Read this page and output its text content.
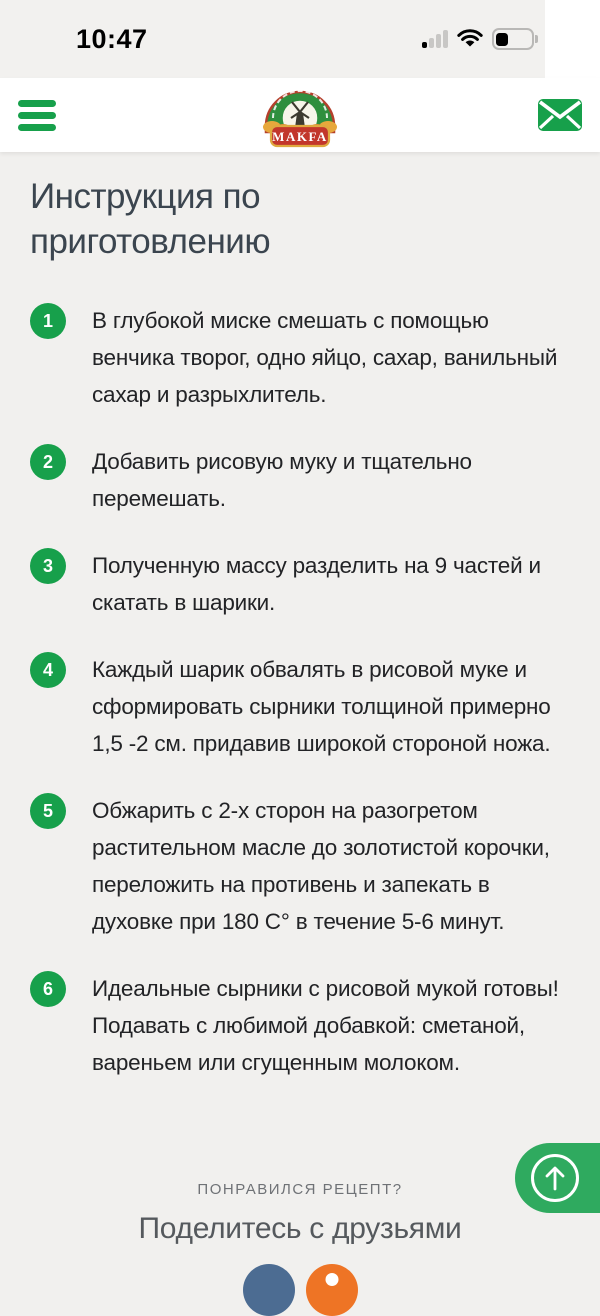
10:47
MAKFA
Инструкция по приготовлению
1	В глубокой миске смешать с помощью венчика творог, одно яйцо, сахар, ванильный сахар и разрыхлитель.
2	Добавить рисовую муку и тщательно перемешать.
3	Полученную массу разделить на 9 частей и скатать в шарики.
4	Каждый шарик обвалять в рисовой муке и сформировать сырники толщиной примерно 1,5 -2 см. придавив широкой стороной ножа.
5	Обжарить с 2-х сторон на разогретом растительном масле до золотистой корочки, переложить на противень и запекать в духовке при 180 С° в течение 5-6 минут.
6	Идеальные сырники с рисовой мукой готовы! Подавать с любимой добавкой: сметаной, вареньем или сгущенным молоком.
ПОНРАВИЛСЯ РЕЦЕПТ?
Поделитесь с друзьями
